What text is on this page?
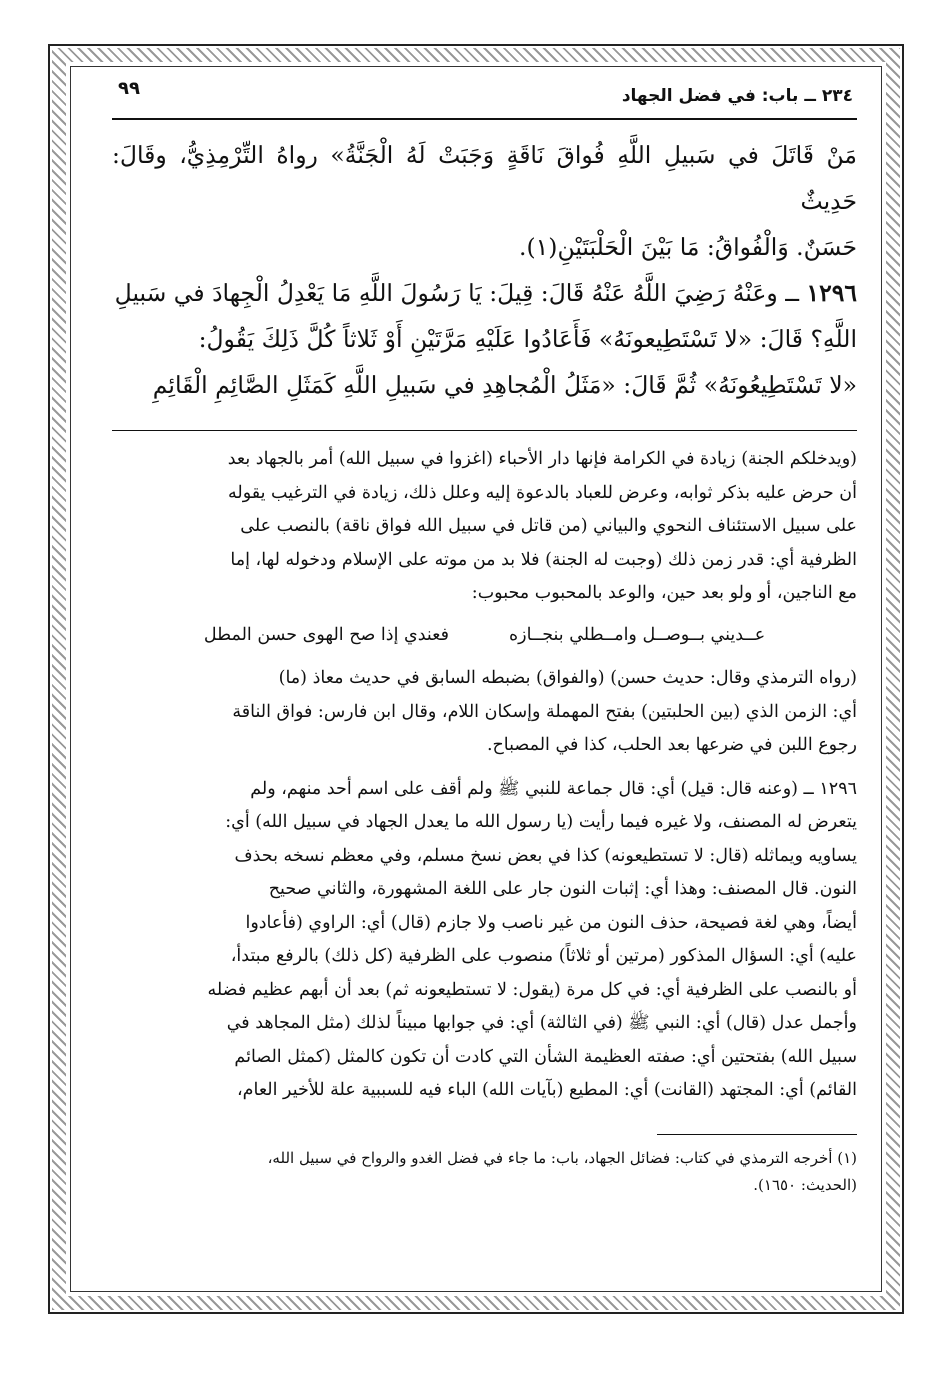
٢٣٤ ــ باب: في فضل الجهاد
٩٩

مَنْ قَاتَلَ في سَبيلِ اللَّهِ فُواقَ نَاقَةٍ وَجَبَتْ لَهُ الْجَنَّةُ» رواهُ التِّرْمِذِيُّ، وقَالَ: حَدِيثٌ

حَسَنٌ. وَالْفُواقُ: مَا بَيْنَ الْحَلْبَتَيْنِ(١).

١٢٩٦ ــ وعَنْهُ رَضِيَ اللَّهُ عَنْهُ قَالَ: قِيلَ: يَا رَسُولَ اللَّهِ مَا يَعْدِلُ الْجِهادَ في سَبيلِ

اللَّهِ؟ قَالَ: «لا تَسْتَطِيعونَهُ» فَأَعَادُوا عَلَيْهِ مَرَّتَيْنِ أَوْ ثَلاثاً كُلَّ ذَلِكَ يَقُولُ:

«لا تَسْتَطِيعُونَهُ» ثُمَّ قَالَ: «مَثَلُ الْمُجاهِدِ في سَبيلِ اللَّهِ كَمَثَلِ الصَّائِمِ الْقَائِمِ

(ويدخلكم الجنة) زيادة في الكرامة فإنها دار الأحباء (اغزوا في سبيل الله) أمر بالجهاد بعد

أن حرض عليه بذكر ثوابه، وعرض للعباد بالدعوة إليه وعلل ذلك، زيادة في الترغيب يقوله

على سبيل الاستئناف النحوي والبياني (من قاتل في سبيل الله فواق ناقة) بالنصب على

الظرفية أي: قدر زمن ذلك (وجبت له الجنة) فلا بد من موته على الإسلام ودخوله لها، إما

مع الناجين، أو ولو بعد حين، والوعد بالمحبوب محبوب:

عــديني بــوصــل وامــطلي بنجــازه
فعندي إذا صح الهوى حسن المطل

(رواه الترمذي وقال: حديث حسن) (والفواق) بضبطه السابق في حديث معاذ (ما)

أي: الزمن الذي (بين الحلبتين) بفتح المهملة وإسكان اللام، وقال ابن فارس: فواق الناقة

رجوع اللبن في ضرعها بعد الحلب، كذا في المصباح.

١٢٩٦ ــ (وعنه قال: قيل) أي: قال جماعة للنبي ﷺ ولم أقف على اسم أحد منهم، ولم

يتعرض له المصنف، ولا غيره فيما رأيت (يا رسول الله ما يعدل الجهاد في سبيل الله) أي:

يساويه ويماثله (قال: لا تستطيعونه) كذا في بعض نسخ مسلم، وفي معظم نسخه بحذف

النون. قال المصنف: وهذا أي: إثبات النون جار على اللغة المشهورة، والثاني صحيح

أيضاً، وهي لغة فصيحة، حذف النون من غير ناصب ولا جازم (قال) أي: الراوي (فأعادوا

عليه) أي: السؤال المذكور (مرتين أو ثلاثاً) منصوب على الظرفية (كل ذلك) بالرفع مبتدأ،

أو بالنصب على الظرفية أي: في كل مرة (يقول: لا تستطيعونه ثم) بعد أن أبهم عظيم فضله

وأجمل عدل (قال) أي: النبي ﷺ (في الثالثة) أي: في جوابها مبيناً لذلك (مثل المجاهد في

سبيل الله) بفتحتين أي: صفته العظيمة الشأن التي كادت أن تكون كالمثل (كمثل الصائم

القائم) أي: المجتهد (القانت) أي: المطيع (بآيات الله) الباء فيه للسببية علة للأخير العام،

(١) أخرجه الترمذي في كتاب: فضائل الجهاد، باب: ما جاء في فضل الغدو والرواح في سبيل الله،

(الحديث: ١٦٥٠).
